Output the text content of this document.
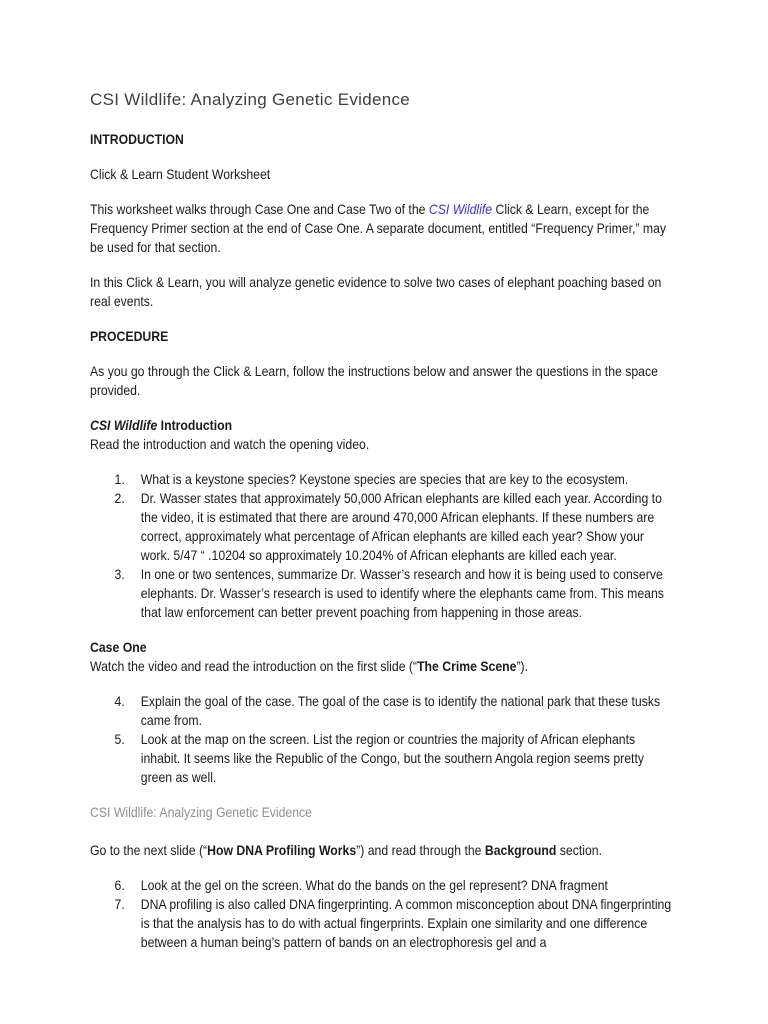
CSI Wildlife: Analyzing Genetic Evidence
INTRODUCTION
Click & Learn Student Worksheet

This worksheet walks through Case One and Case Two of the CSI Wildlife Click & Learn, except for the Frequency Primer section at the end of Case One. A separate document, entitled “Frequency Primer,” may be used for that section.

In this Click & Learn, you will analyze genetic evidence to solve two cases of elephant poaching based on real events.

PROCEDURE

As you go through the Click & Learn, follow the instructions below and answer the questions in the space provided.

CSI Wildlife Introduction
Read the introduction and watch the opening video.
1.	What is a keystone species? Keystone species are species that are key to the ecosystem.
2.	Dr. Wasser states that approximately 50,000 African elephants are killed each year. According to the video, it is estimated that there are around 470,000 African elephants. If these numbers are correct, approximately what percentage of African elephants are killed each year? Show your work. 5/47 “ .10204 so approximately 10.204% of African elephants are killed each year.
3.	In one or two sentences, summarize Dr. Wasser’s research and how it is being used to conserve elephants. Dr. Wasser’s research is used to identify where the elephants came from. This means that law enforcement can better prevent poaching from happening in those areas.
Case One
Watch the video and read the introduction on the first slide (“The Crime Scene”).
4.	Explain the goal of the case. The goal of the case is to identify the national park that these tusks came from.
5.	Look at the map on the screen. List the region or countries the majority of African elephants inhabit. It seems like the Republic of the Congo, but the southern Angola region seems pretty green as well.
CSI Wildlife: Analyzing Genetic Evidence

Go to the next slide (“How DNA Profiling Works”) and read through the Background section.

6.	Look at the gel on the screen. What do the bands on the gel represent? DNA fragment
7.	DNA profiling is also called DNA fingerprinting. A common misconception about DNA fingerprinting is that the analysis has to do with actual fingerprints. Explain one similarity and one difference between a human being’s pattern of bands on an electrophoresis gel and a
